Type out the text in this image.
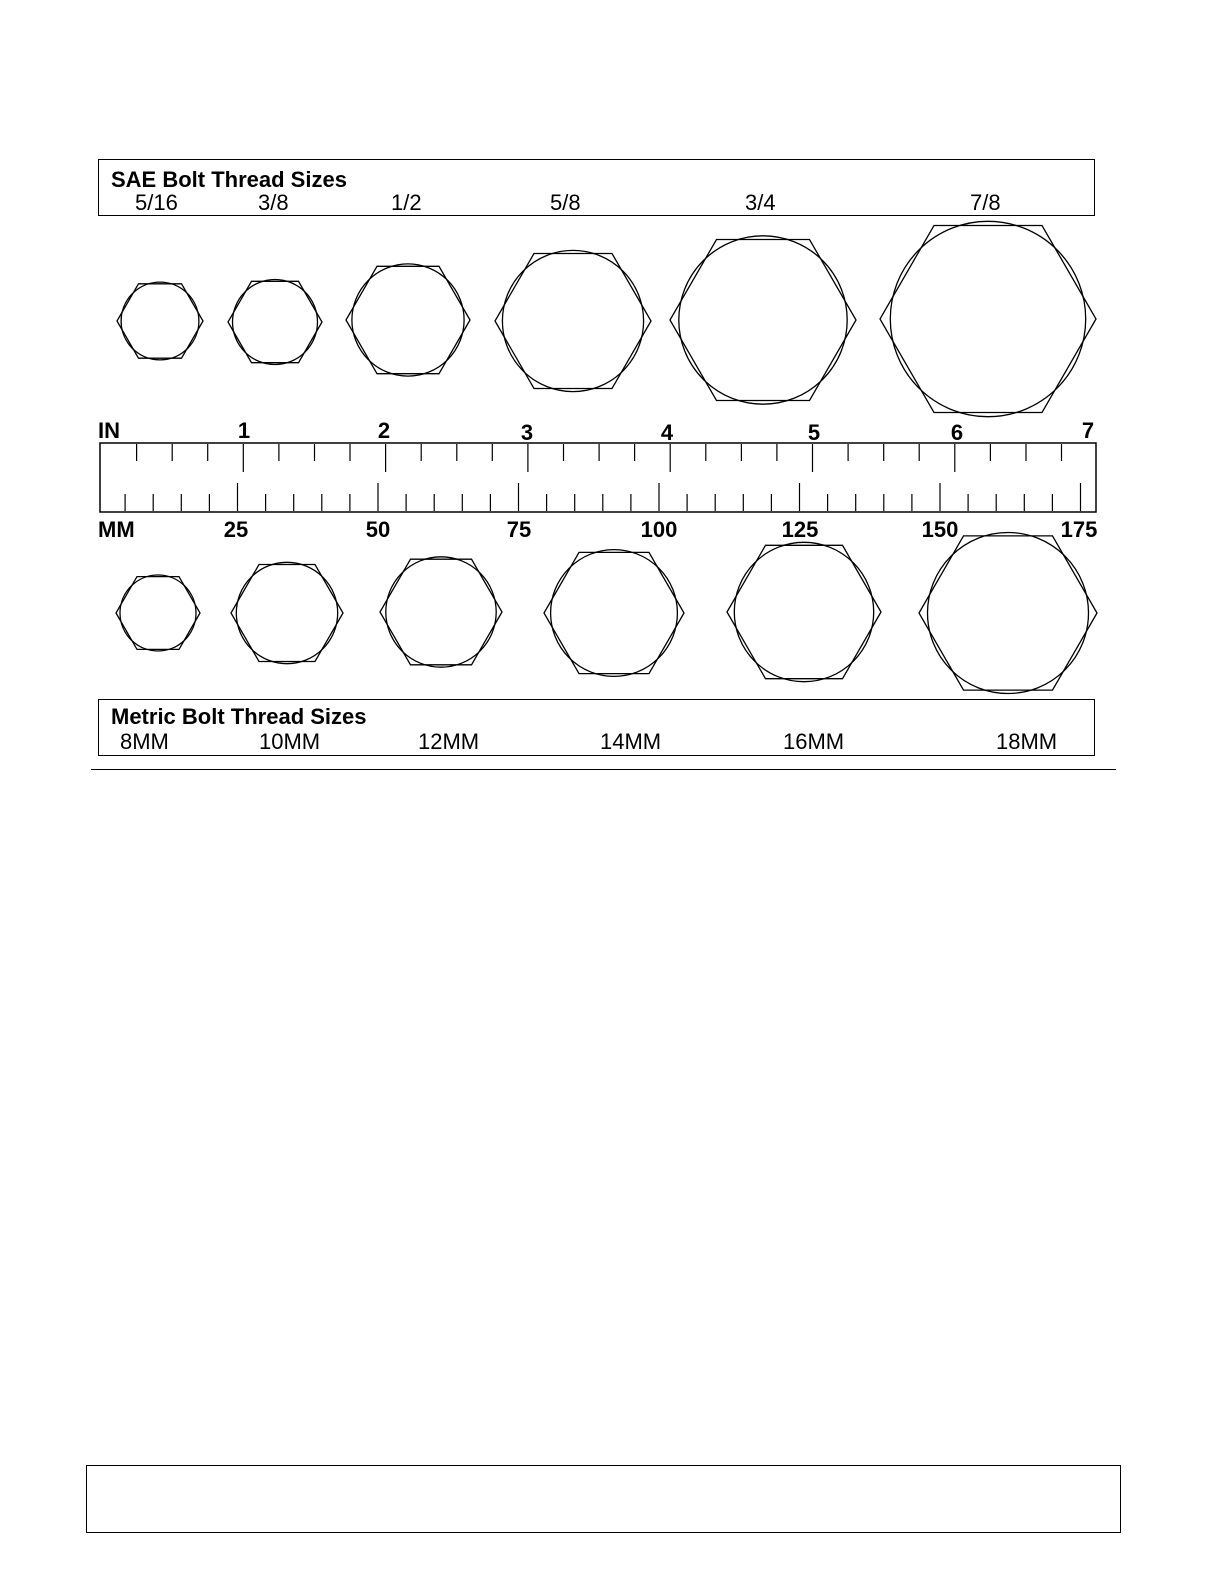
SAE Bolt Thread Sizes
5/16	3/8	1/2	5/8	3/4	7/8
IN	1	2	3	4	5	6	7
MM	25	50	75	100	125	150	175
Metric Bolt Thread Sizes
8MM	10MM	12MM	14MM	16MM	18MM
